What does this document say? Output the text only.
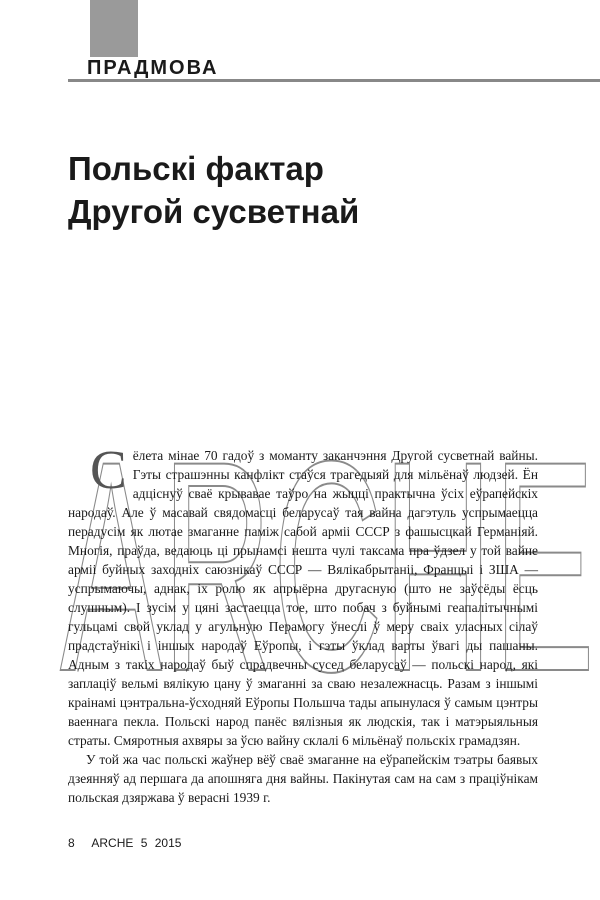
ПРАДМОВА
Польскі фактар
Другой сусветнай
ARCHE

Сёлета мінае 70 гадоў з моманту заканчэння Другой сусветнай вайны. Гэты страшэнны канфлікт стаўся трагедыяй для мільёнаў людзей. Ён адціснуў сваё крывавае таўро на жыцці практычна ўсіх еўрапейскіх народаў. Але ў масавай свядомасці беларусаў тая вайна дагэтуль успрымаецца перадусім як лютае змаганне паміж сабой арміі СССР з фашысцкай Германіяй. Многія, праўда, ведаюць ці прынамсі нешта чулі таксама пра ўдзел у той вайне арміі буйных заходніх саюзнікаў СССР — Вялікабрытаніі, Францыі і ЗША — успрымаючы, аднак, іх ролю як апрыёрна другасную (што не заўсёды ёсць слушным). І зусім у цяні застаецца тое, што побач з буйнымі геапалітычнымі гульцамі свой уклад у агульную Перамогу ўнеслі ў меру сваіх уласных сілаў прадстаўнікі і іншых народаў Еўропы, і гэты ўклад варты ўвагі ды пашаны. Адным з такіх народаў быў спрадвечны сусед беларусаў — польскі народ, які заплаціў вельмі вялікую цану ў змаганні за сваю незалежнасць. Разам з іншымі краінамі цэнтральна-ўсходняй Еўропы Польшча тады апынулася ў самым цэнтры ваеннага пекла. Польскі народ панёс вялізныя як людскія, так і матэрыяльныя страты. Смяротныя ахвяры за ўсю вайну склалі 6 мільёнаў польскіх грамадзян.

У той жа час польскі жаўнер вёў сваё змаганне на еўрапейскім тэатры баявых дзеянняў ад першага да апошняга дня вайны. Пакінутая сам на сам з праціўнікам польская дзяржава ў верасні 1939 г.

8 ARCHE 5 2015
